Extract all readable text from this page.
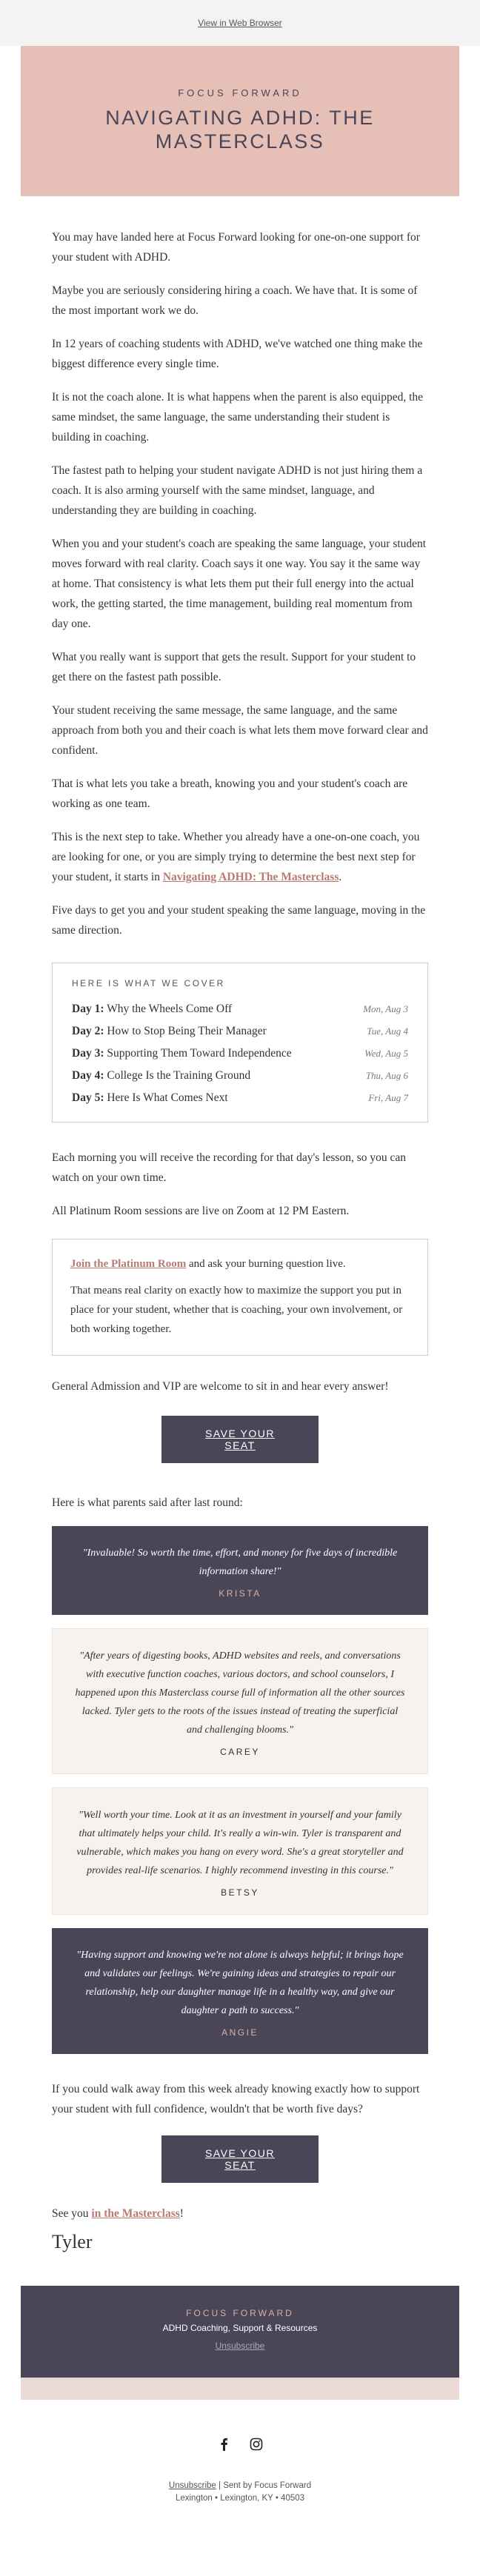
View in Web Browser
FOCUS FORWARD
NAVIGATING ADHD: THE MASTERCLASS

You may have landed here at Focus Forward looking for one-on-one support for your student with ADHD.

Maybe you are seriously considering hiring a coach. We have that. It is some of the most important work we do.

In 12 years of coaching students with ADHD, we've watched one thing make the biggest difference every single time.

It is not the coach alone. It is what happens when the parent is also equipped, the same mindset, the same language, the same understanding their student is building in coaching.

The fastest path to helping your student navigate ADHD is not just hiring them a coach. It is also arming yourself with the same mindset, language, and understanding they are building in coaching.

When you and your student's coach are speaking the same language, your student moves forward with real clarity. Coach says it one way. You say it the same way at home. That consistency is what lets them put their full energy into the actual work, the getting started, the time management, building real momentum from day one.

What you really want is support that gets the result. Support for your student to get there on the fastest path possible.

Your student receiving the same message, the same language, and the same approach from both you and their coach is what lets them move forward clear and confident.

That is what lets you take a breath, knowing you and your student's coach are working as one team.

This is the next step to take. Whether you already have a one-on-one coach, you are looking for one, or you are simply trying to determine the best next step for your student, it starts in Navigating ADHD: The Masterclass.

Five days to get you and your student speaking the same language, moving in the same direction.

HERE IS WHAT WE COVER
Day 1: Why the Wheels Come Off	Mon, Aug 3
Day 2: How to Stop Being Their Manager	Tue, Aug 4
Day 3: Supporting Them Toward Independence	Wed, Aug 5
Day 4: College Is the Training Ground	Thu, Aug 6
Day 5: Here Is What Comes Next	Fri, Aug 7

Each morning you will receive the recording for that day's lesson, so you can watch on your own time.

All Platinum Room sessions are live on Zoom at 12 PM Eastern.

Join the Platinum Room and ask your burning question live.

That means real clarity on exactly how to maximize the support you put in place for your student, whether that is coaching, your own involvement, or both working together.

General Admission and VIP are welcome to sit in and hear every answer!

SAVE YOUR SEAT

Here is what parents said after last round:

"Invaluable! So worth the time, effort, and money for five days of incredible information share!"

KRISTA

"After years of digesting books, ADHD websites and reels, and conversations with executive function coaches, various doctors, and school counselors, I happened upon this Masterclass course full of information all the other sources lacked. Tyler gets to the roots of the issues instead of treating the superficial and challenging blooms."

CAREY

"Well worth your time. Look at it as an investment in yourself and your family that ultimately helps your child. It's really a win-win. Tyler is transparent and vulnerable, which makes you hang on every word. She's a great storyteller and provides real-life scenarios. I highly recommend investing in this course."

BETSY

"Having support and knowing we're not alone is always helpful; it brings hope and validates our feelings. We're gaining ideas and strategies to repair our relationship, help our daughter manage life in a healthy way, and give our daughter a path to success."

ANGIE

If you could walk away from this week already knowing exactly how to support your student with full confidence, wouldn't that be worth five days?

SAVE YOUR SEAT

See you in the Masterclass!

Tyler
FOCUS FORWARD
ADHD Coaching, Support & Resources
Unsubscribe
Unsubscribe | Sent by Focus Forward
Lexington • Lexington, KY • 40503
